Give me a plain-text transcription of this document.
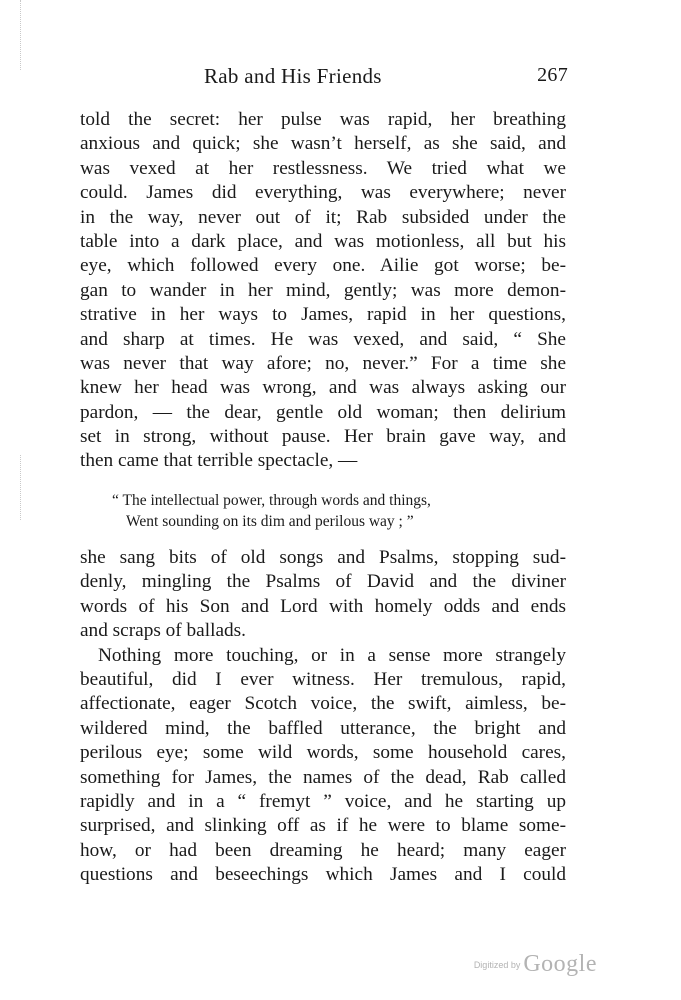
Rab and His Friends	267
told the secret: her pulse was rapid, her breathing
anxious and quick; she wasn’t herself, as she said, and
was vexed at her restlessness. We tried what we
could. James did everything, was everywhere; never
in the way, never out of it; Rab subsided under the
table into a dark place, and was motionless, all but his
eye, which followed every one. Ailie got worse; be-
gan to wander in her mind, gently; was more demon-
strative in her ways to James, rapid in her questions,
and sharp at times. He was vexed, and said, “ She
was never that way afore; no, never.” For a time she
knew her head was wrong, and was always asking our
pardon, — the dear, gentle old woman; then delirium
set in strong, without pause. Her brain gave way, and
then came that terrible spectacle, —
“ The intellectual power, through words and things,
Went sounding on its dim and perilous way ; ”
she sang bits of old songs and Psalms, stopping sud-
denly, mingling the Psalms of David and the diviner
words of his Son and Lord with homely odds and ends
and scraps of ballads.
Nothing more touching, or in a sense more strangely
beautiful, did I ever witness. Her tremulous, rapid,
affectionate, eager Scotch voice, the swift, aimless, be-
wildered mind, the baffled utterance, the bright and
perilous eye; some wild words, some household cares,
something for James, the names of the dead, Rab called
rapidly and in a “ fremyt ” voice, and he starting up
surprised, and slinking off as if he were to blame some-
how, or had been dreaming he heard; many eager
questions and beseechings which James and I could
Digitized by Google
